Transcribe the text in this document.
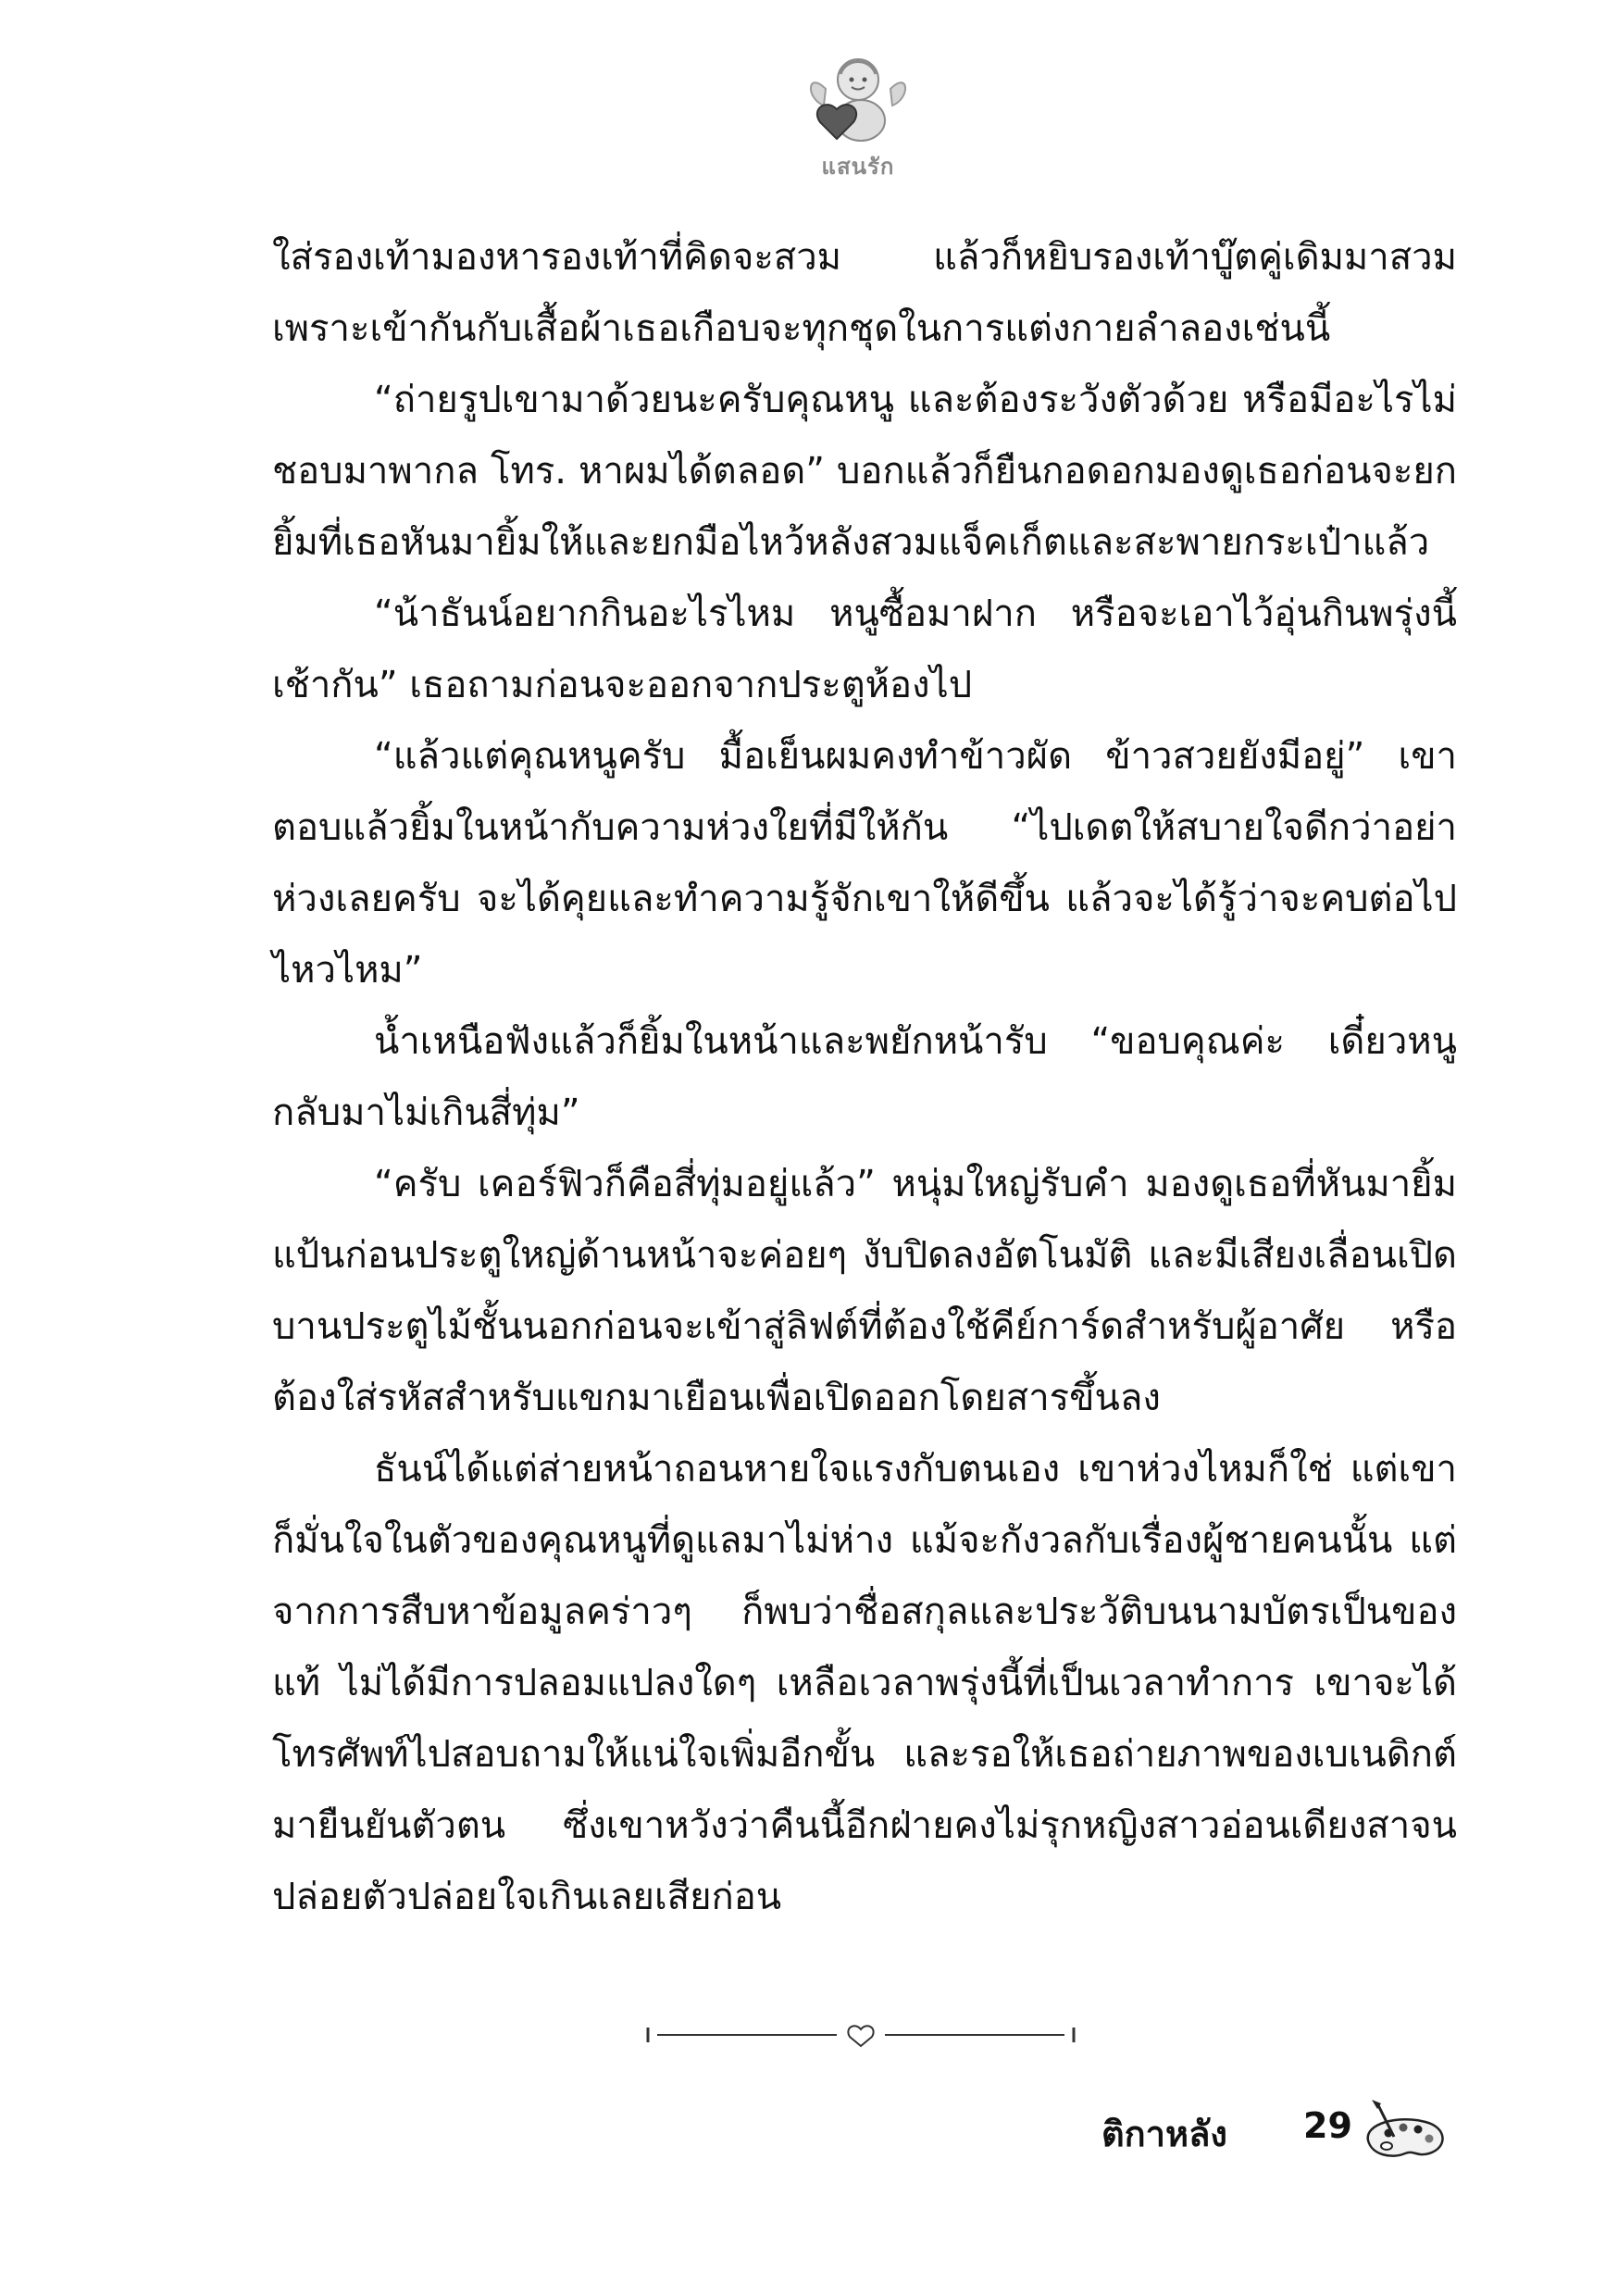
แสนรัก

ใส่รองเท้ามองหารองเท้าที่คิดจะสวม แล้วก็หยิบรองเท้าบู๊ตคู่เดิมมาสวม เพราะเข้ากันกับเสื้อผ้าเธอเกือบจะทุกชุดในการแต่งกายลำลองเช่นนี้

“ถ่ายรูปเขามาด้วยนะครับคุณหนู และต้องระวังตัวด้วย หรือมีอะไรไม่ชอบมาพากล โทร. หาผมได้ตลอด” บอกแล้วก็ยืนกอดอกมองดูเธอก่อนจะยกยิ้มที่เธอหันมายิ้มให้และยกมือไหว้หลังสวมแจ็คเก็ตและสะพายกระเป๋าแล้ว

“น้าธันน์อยากกินอะไรไหม หนูซื้อมาฝาก หรือจะเอาไว้อุ่นกินพรุ่งนี้เช้ากัน” เธอถามก่อนจะออกจากประตูห้องไป

“แล้วแต่คุณหนูครับ มื้อเย็นผมคงทำข้าวผัด ข้าวสวยยังมีอยู่” เขาตอบแล้วยิ้มในหน้ากับความห่วงใยที่มีให้กัน “ไปเดตให้สบายใจดีกว่าอย่าห่วงเลยครับ จะได้คุยและทำความรู้จักเขาให้ดีขึ้น แล้วจะได้รู้ว่าจะคบต่อไปไหวไหม”

น้ำเหนือฟังแล้วก็ยิ้มในหน้าและพยักหน้ารับ “ขอบคุณค่ะ เดี๋ยวหนูกลับมาไม่เกินสี่ทุ่ม”

“ครับ เคอร์ฟิวก็คือสี่ทุ่มอยู่แล้ว” หนุ่มใหญ่รับคำ มองดูเธอที่หันมายิ้มแป้นก่อนประตูใหญ่ด้านหน้าจะค่อยๆ งับปิดลงอัตโนมัติ และมีเสียงเลื่อนเปิดบานประตูไม้ชั้นนอกก่อนจะเข้าสู่ลิฟต์ที่ต้องใช้คีย์การ์ดสำหรับผู้อาศัย หรือต้องใส่รหัสสำหรับแขกมาเยือนเพื่อเปิดออกโดยสารขึ้นลง

ธันน์ได้แต่ส่ายหน้าถอนหายใจแรงกับตนเอง เขาห่วงไหมก็ใช่ แต่เขาก็มั่นใจในตัวของคุณหนูที่ดูแลมาไม่ห่าง แม้จะกังวลกับเรื่องผู้ชายคนนั้น แต่จากการสืบหาข้อมูลคร่าวๆ ก็พบว่าชื่อสกุลและประวัติบนนามบัตรเป็นของแท้ ไม่ได้มีการปลอมแปลงใดๆ เหลือเวลาพรุ่งนี้ที่เป็นเวลาทำการ เขาจะได้โทรศัพท์ไปสอบถามให้แน่ใจเพิ่มอีกขั้น และรอให้เธอถ่ายภาพของเบเนดิกต์มายืนยันตัวตน ซึ่งเขาหวังว่าคืนนี้อีกฝ่ายคงไม่รุกหญิงสาวอ่อนเดียงสาจนปล่อยตัวปล่อยใจเกินเลยเสียก่อน

ติกาหลัง 29
